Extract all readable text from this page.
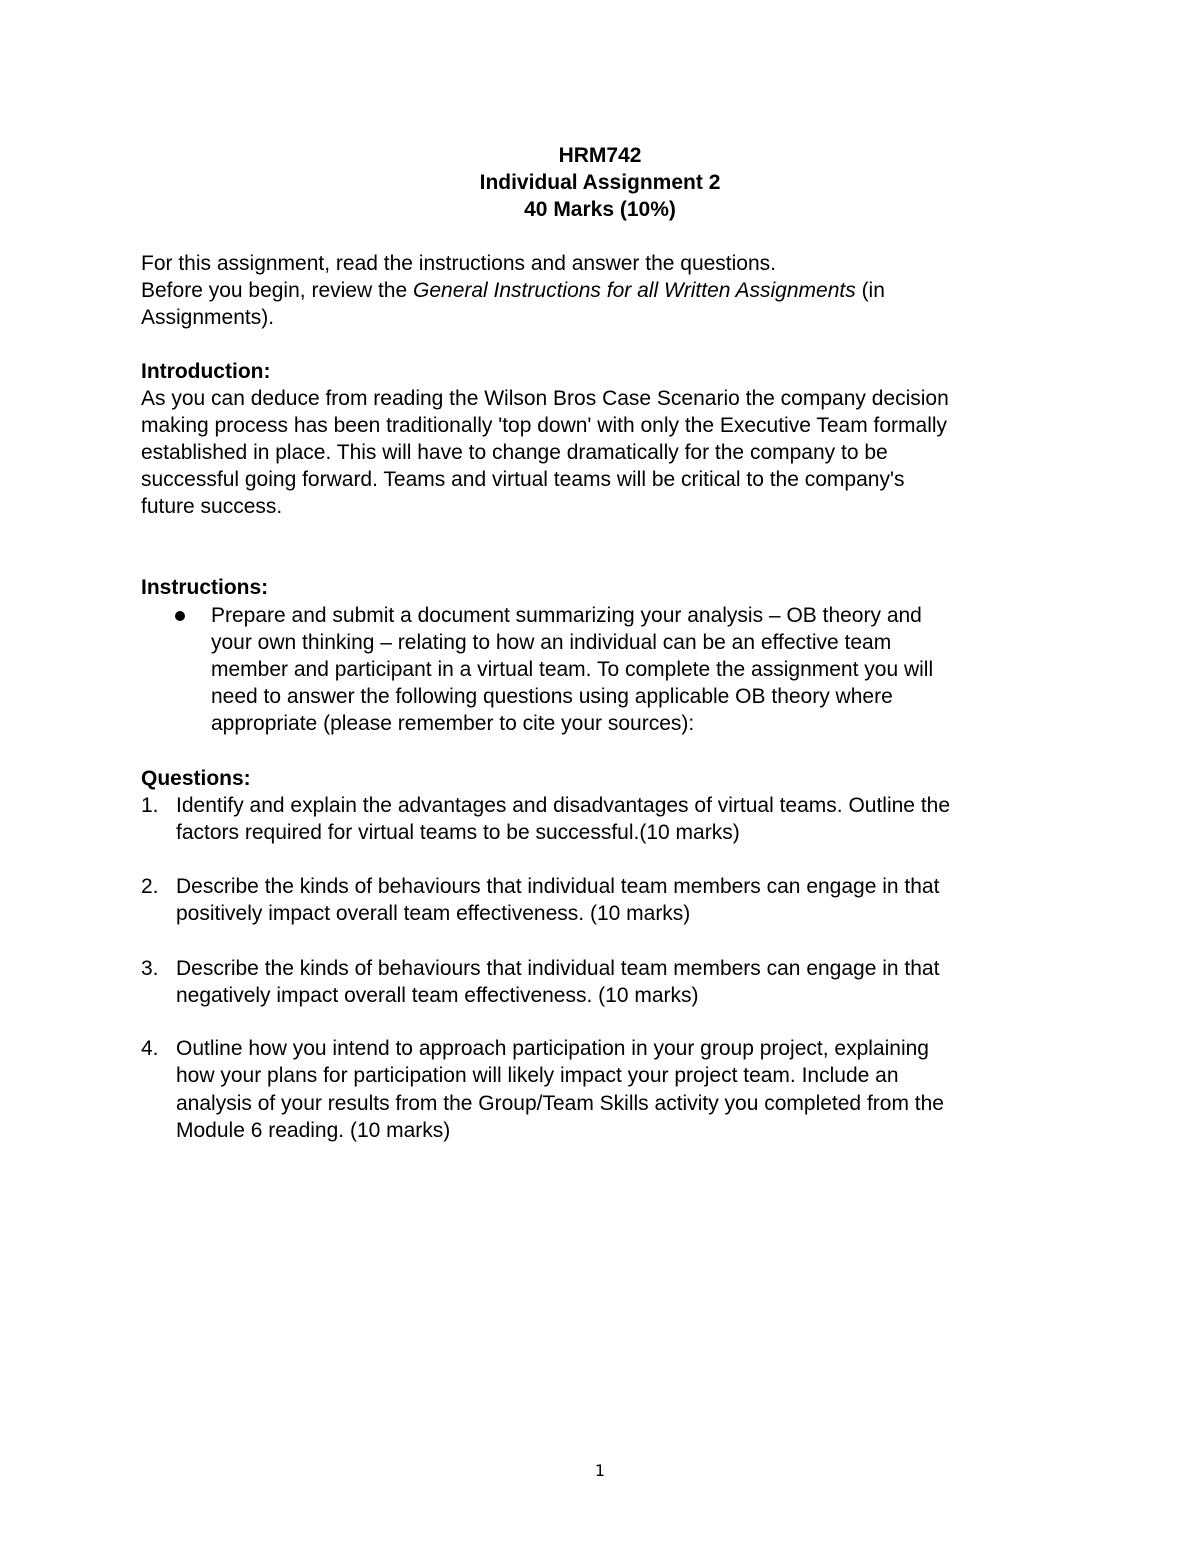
HRM742
Individual Assignment 2
40 Marks (10%)
For this assignment, read the instructions and answer the questions.
Before you begin, review the General Instructions for all Written Assignments (in
Assignments).
Introduction:
As you can deduce from reading the Wilson Bros Case Scenario the company decision
making process has been traditionally 'top down' with only the Executive Team formally
established in place. This will have to change dramatically for the company to be
successful going forward. Teams and virtual teams will be critical to the company's
future success.
Instructions:
Prepare and submit a document summarizing your analysis – OB theory and
your own thinking – relating to how an individual can be an effective team
member and participant in a virtual team. To complete the assignment you will
need to answer the following questions using applicable OB theory where
appropriate (please remember to cite your sources):
Questions:
1. Identify and explain the advantages and disadvantages of virtual teams. Outline the
factors required for virtual teams to be successful.(10 marks)
2. Describe the kinds of behaviours that individual team members can engage in that
positively impact overall team effectiveness. (10 marks)
3. Describe the kinds of behaviours that individual team members can engage in that
negatively impact overall team effectiveness. (10 marks)
4. Outline how you intend to approach participation in your group project, explaining
how your plans for participation will likely impact your project team. Include an
analysis of your results from the Group/Team Skills activity you completed from the
Module 6 reading. (10 marks)
1
